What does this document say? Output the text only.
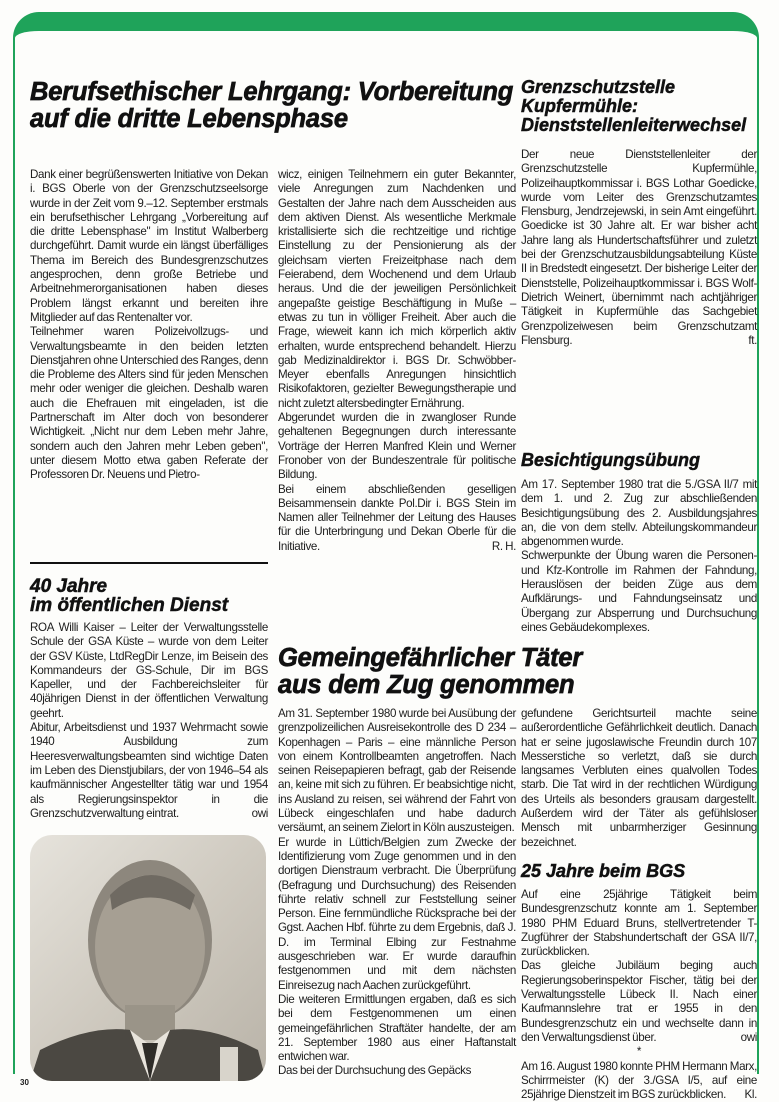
Berufsethischer Lehrgang: Vorbereitung auf die dritte Lebensphase

Dank einer begrüßenswerten Initiative von Dekan i. BGS Oberle von der Grenzschutzseelsorge wurde in der Zeit vom 9.–12. September erstmals ein berufsethischer Lehrgang „Vorbereitung auf die dritte Lebensphase" im Institut Walberberg durchgeführt. Damit wurde ein längst überfälliges Thema im Bereich des Bundesgrenzschutzes angesprochen, denn große Betriebe und Arbeitnehmerorganisationen haben dieses Problem längst erkannt und bereiten ihre Mitglieder auf das Rentenalter vor.

Teilnehmer waren Polizeivollzugs- und Verwaltungsbeamte in den beiden letzten Dienstjahren ohne Unterschied des Ranges, denn die Probleme des Alters sind für jeden Menschen mehr oder weniger die gleichen. Deshalb waren auch die Ehefrauen mit eingeladen, ist die Partnerschaft im Alter doch von besonderer Wichtigkeit. „Nicht nur dem Leben mehr Jahre, sondern auch den Jahren mehr Leben geben", unter diesem Motto etwa gaben Referate der Professoren Dr. Neuens und Pietro-

wicz, einigen Teilnehmern ein guter Bekannter, viele Anregungen zum Nachdenken und Gestalten der Jahre nach dem Ausscheiden aus dem aktiven Dienst. Als wesentliche Merkmale kristallisierte sich die rechtzeitige und richtige Einstellung zu der Pensionierung als der gleichsam vierten Freizeitphase nach dem Feierabend, dem Wochenend und dem Urlaub heraus. Und die der jeweiligen Persönlichkeit angepaßte geistige Beschäftigung in Muße – etwas zu tun in völliger Freiheit. Aber auch die Frage, wieweit kann ich mich körperlich aktiv erhalten, wurde entsprechend behandelt. Hierzu gab Medizinaldirektor i. BGS Dr. Schwöbber-Meyer ebenfalls Anregungen hinsichtlich Risikofaktoren, gezielter Bewegungstherapie und nicht zuletzt altersbedingter Ernährung.

Abgerundet wurden die in zwangloser Runde gehaltenen Begegnungen durch interessante Vorträge der Herren Manfred Klein und Werner Fronober von der Bundeszentrale für politische Bildung.

Bei einem abschließenden geselligen Beisammensein dankte Pol.Dir i. BGS Stein im Namen aller Teilnehmer der Leitung des Hauses für die Unterbringung und Dekan Oberle für die Initiative.	R. H.

Grenzschutzstelle Kupfermühle: Dienststellenleiterwechsel

Der neue Dienststellenleiter der Grenzschutzstelle Kupfermühle, Polizeihauptkommissar i. BGS Lothar Goedicke, wurde vom Leiter des Grenzschutzamtes Flensburg, Jendrzejewski, in sein Amt eingeführt. Goedicke ist 30 Jahre alt. Er war bisher acht Jahre lang als Hundertschaftsführer und zuletzt bei der Grenzschutzausbildungsabteilung Küste II in Bredstedt eingesetzt. Der bisherige Leiter der Dienststelle, Polizeihauptkommissar i. BGS Wolf-Dietrich Weinert, übernimmt nach achtjähriger Tätigkeit in Kupfermühle das Sachgebiet Grenzpolizeiwesen beim Grenzschutzamt Flensburg.	ft.

Besichtigungsübung

Am 17. September 1980 trat die 5./GSA II/7 mit dem 1. und 2. Zug zur abschließenden Besichtigungsübung des 2. Ausbildungsjahres an, die von dem stellv. Abteilungskommandeur abgenommen wurde.

Schwerpunkte der Übung waren die Personen- und Kfz-Kontrolle im Rahmen der Fahndung, Herauslösen der beiden Züge aus dem Aufklärungs- und Fahndungseinsatz und Übergang zur Absperrung und Durchsuchung eines Gebäudekomplexes.

40 Jahre
im öffentlichen Dienst

ROA Willi Kaiser – Leiter der Verwaltungsstelle Schule der GSA Küste – wurde von dem Leiter der GSV Küste, LtdRegDir Lenze, im Beisein des Kommandeurs der GS-Schule, Dir im BGS Kapeller, und der Fachbereichsleiter für 40jährigen Dienst in der öffentlichen Verwaltung geehrt.

Abitur, Arbeitsdienst und 1937 Wehrmacht sowie 1940 Ausbildung zum Heeresverwaltungsbeamten sind wichtige Daten im Leben des Dienstjubilars, der von 1946–54 als kaufmännischer Angestellter tätig war und 1954 als Regierungsinspektor in die Grenzschutzverwaltung eintrat.	owi

30
Gemeingefährlicher Täter
aus dem Zug genommen

Am 31. September 1980 wurde bei Ausübung der grenzpolizeilichen Ausreisekontrolle des D 234 – Kopenhagen – Paris – eine männliche Person von einem Kontrollbeamten angetroffen. Nach seinen Reisepapieren befragt, gab der Reisende an, keine mit sich zu führen. Er beabsichtige nicht, ins Ausland zu reisen, sei während der Fahrt von Lübeck eingeschlafen und habe dadurch versäumt, an seinem Zielort in Köln auszusteigen.

Er wurde in Lüttich/Belgien zum Zwecke der Identifizierung vom Zuge genommen und in den dortigen Dienstraum verbracht. Die Überprüfung (Befragung und Durchsuchung) des Reisenden führte relativ schnell zur Feststellung seiner Person. Eine fernmündliche Rücksprache bei der Ggst. Aachen Hbf. führte zu dem Ergebnis, daß J. D. im Terminal Elbing zur Festnahme ausgeschrieben war. Er wurde daraufhin festgenommen und mit dem nächsten Einreisezug nach Aachen zurückgeführt.

Die weiteren Ermittlungen ergaben, daß es sich bei dem Festgenommenen um einen gemeingefährlichen Straftäter handelte, der am 21. September 1980 aus einer Haftanstalt entwichen war.

Das bei der Durchsuchung des Gepäcks

gefundene Gerichtsurteil machte seine außerordentliche Gefährlichkeit deutlich. Danach hat er seine jugoslawische Freundin durch 107 Messerstiche so verletzt, daß sie durch langsames Verbluten eines qualvollen Todes starb. Die Tat wird in der rechtlichen Würdigung des Urteils als besonders grausam dargestellt. Außerdem wird der Täter als gefühlsloser Mensch mit unbarmherziger Gesinnung bezeichnet.

25 Jahre beim BGS

Auf eine 25jährige Tätigkeit beim Bundesgrenzschutz konnte am 1. September 1980 PHM Eduard Bruns, stellvertretender T-Zugführer der Stabshundertschaft der GSA II/7, zurückblicken.

Das gleiche Jubiläum beging auch Regierungsoberinspektor Fischer, tätig bei der Verwaltungsstelle Lübeck II. Nach einer Kaufmannslehre trat er 1955 in den Bundesgrenzschutz ein und wechselte dann in den Verwaltungsdienst über.	owi

*

Am 16. August 1980 konnte PHM Hermann Marx, Schirrmeister (K) der 3./GSA I/5, auf eine 25jährige Dienstzeit im BGS zurückblicken. Kl.
